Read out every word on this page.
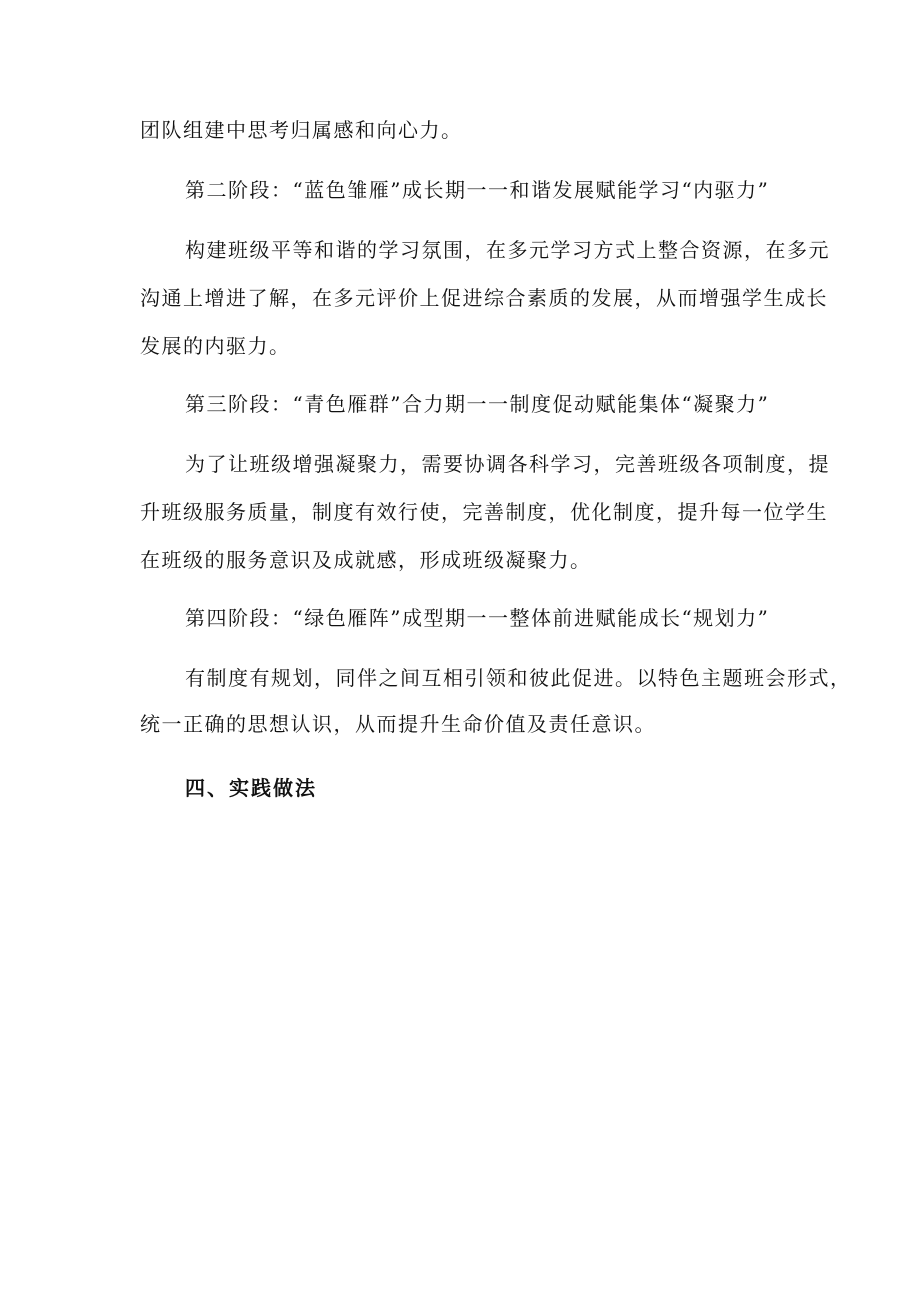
团队组建中思考归属感和向心力。
第二阶段：“蓝色雏雁”成长期一一和谐发展赋能学习“内驱力”
构建班级平等和谐的学习氛围，在多元学习方式上整合资源，在多元
沟通上增进了解，在多元评价上促进综合素质的发展，从而增强学生成长
发展的内驱力。
第三阶段：“青色雁群”合力期一一制度促动赋能集体“凝聚力”
为了让班级增强凝聚力，需要协调各科学习，完善班级各项制度，提
升班级服务质量，制度有效行使，完善制度，优化制度，提升每一位学生
在班级的服务意识及成就感，形成班级凝聚力。
第四阶段：“绿色雁阵”成型期一一整体前进赋能成长“规划力”
有制度有规划，同伴之间互相引领和彼此促进。以特色主题班会形式，
统一正确的思想认识，从而提升生命价值及责任意识。
四、实践做法
